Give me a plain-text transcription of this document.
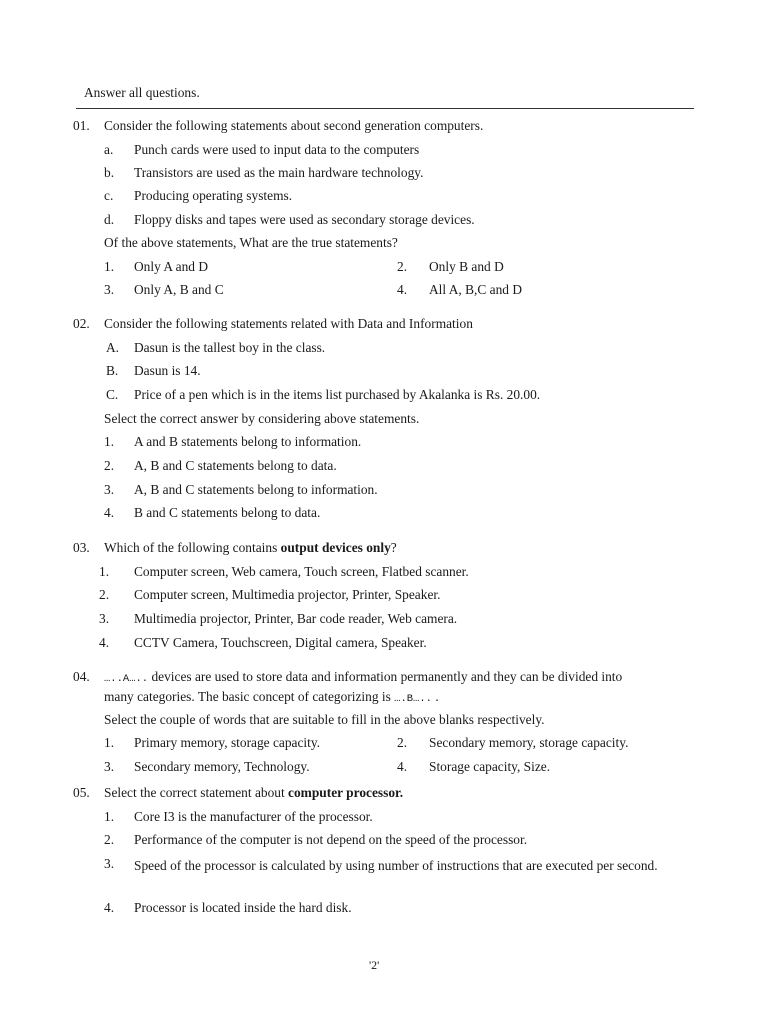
Answer all questions.
01. Consider the following statements about second generation computers.
a. Punch cards were used to input data to the computers
b. Transistors are used as the main hardware technology.
c. Producing operating systems.
d. Floppy disks and tapes were used as secondary storage devices.
Of the above statements, What are the true statements?
1. Only A and D	2. Only B and D
3. Only A, B and C	4. All A, B,C and D
02. Consider the following statements related with Data and Information
A. Dasun is the tallest boy in the class.
B. Dasun is 14.
C. Price of a pen which is in the items list purchased by Akalanka is Rs. 20.00.
Select the correct answer by considering above statements.
1. A and B statements belong to information.
2. A, B and C statements belong to data.
3. A, B and C statements belong to information.
4. B and C statements belong to data.
03. Which of the following contains output devices only?
1. Computer screen, Web camera, Touch screen, Flatbed scanner.
2. Computer screen, Multimedia projector, Printer, Speaker.
3. Multimedia projector, Printer, Bar code reader, Web camera.
4. CCTV Camera, Touchscreen, Digital camera, Speaker.
04. …..A….. devices are used to store data and information permanently and they can be divided into
many categories. The basic concept of categorizing is ….B….. .
Select the couple of words that are suitable to fill in the above blanks respectively.
1. Primary memory, storage capacity.	2. Secondary memory, storage capacity.
3. Secondary memory, Technology.	4. Storage capacity, Size.
05. Select the correct statement about computer processor.
1. Core I3 is the manufacturer of the processor.
2. Performance of the computer is not depend on the speed of the processor.
3. Speed of the processor is calculated by using number of instructions that are executed per second.
4. Processor is located inside the hard disk.
'2'
